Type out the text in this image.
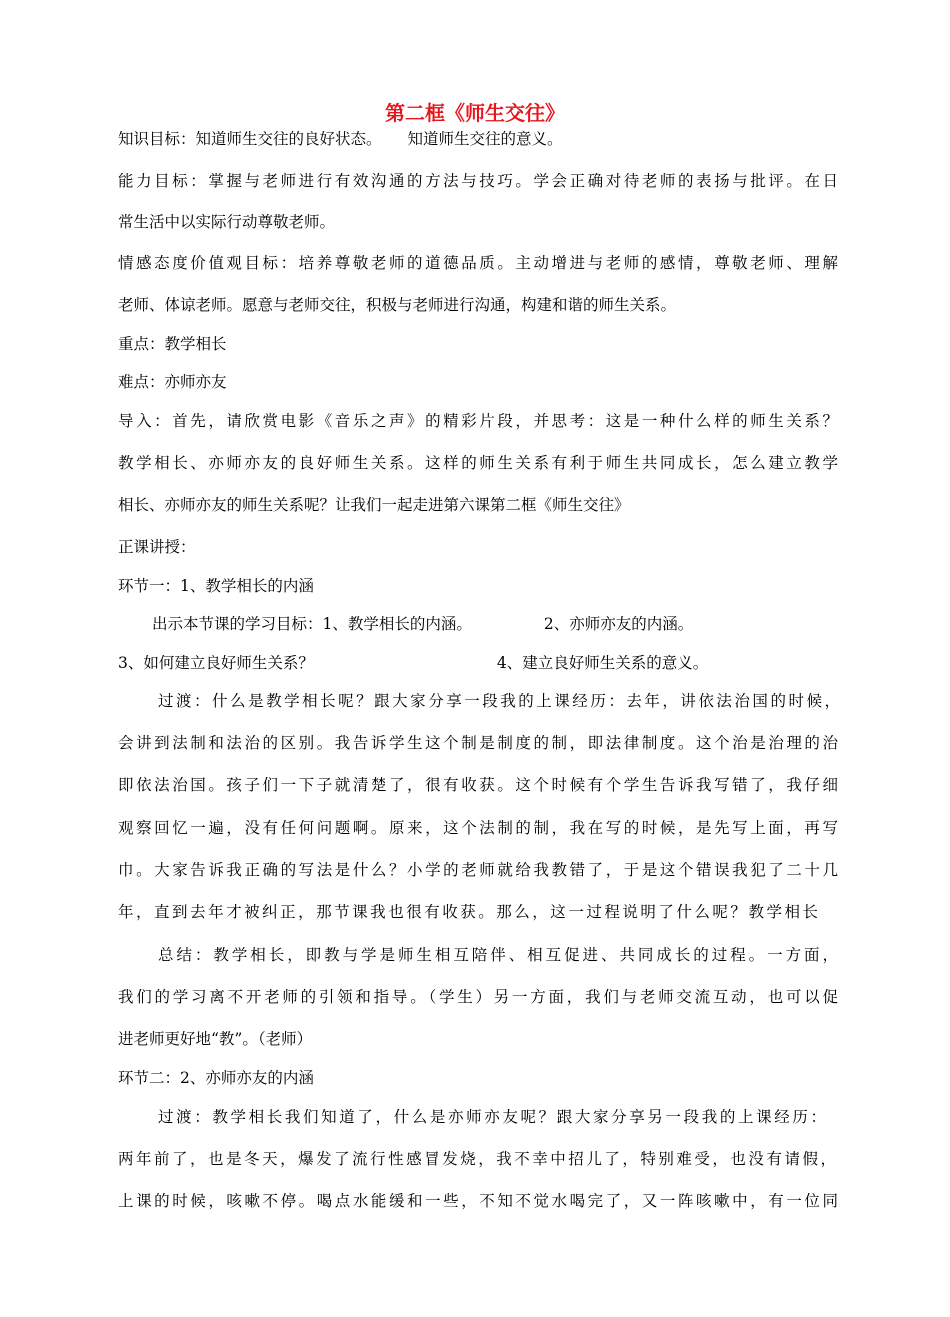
第二框《师生交往》
知识目标：知道师生交往的良好状态。 知道师生交往的意义。
能力目标：掌握与老师进行有效沟通的方法与技巧。学会正确对待老师的表扬与批评。在日
常生活中以实际行动尊敬老师。
情感态度价值观目标：培养尊敬老师的道德品质。主动增进与老师的感情，尊敬老师、理解
老师、体谅老师。愿意与老师交往，积极与老师进行沟通，构建和谐的师生关系。
重点：教学相长
难点：亦师亦友
导入：首先，请欣赏电影《音乐之声》的精彩片段，并思考：这是一种什么样的师生关系？
教学相长、亦师亦友的良好师生关系。这样的师生关系有利于师生共同成长，怎么建立教学
相长、亦师亦友的师生关系呢？让我们一起走进第六课第二框《师生交往》
正课讲授：
环节一：1、教学相长的内涵
出示本节课的学习目标：1、教学相长的内涵。	2、亦师亦友的内涵。
3、如何建立良好师生关系？	4、建立良好师生关系的意义。
过渡：什么是教学相长呢？跟大家分享一段我的上课经历：去年，讲依法治国的时候，
会讲到法制和法治的区别。我告诉学生这个制是制度的制，即法律制度。这个治是治理的治
即依法治国。孩子们一下子就清楚了，很有收获。这个时候有个学生告诉我写错了，我仔细
观察回忆一遍，没有任何问题啊。原来，这个法制的制，我在写的时候，是先写上面，再写
巾。大家告诉我正确的写法是什么？小学的老师就给我教错了，于是这个错误我犯了二十几
年，直到去年才被纠正，那节课我也很有收获。那么，这一过程说明了什么呢？教学相长
总结：教学相长，即教与学是师生相互陪伴、相互促进、共同成长的过程。一方面，
我们的学习离不开老师的引领和指导。（学生）另一方面，我们与老师交流互动，也可以促
进老师更好地“教”。（老师）
环节二：2、亦师亦友的内涵
过渡：教学相长我们知道了，什么是亦师亦友呢？跟大家分享另一段我的上课经历：
两年前了，也是冬天，爆发了流行性感冒发烧，我不幸中招儿了，特别难受，也没有请假，
上课的时候，咳嗽不停。喝点水能缓和一些，不知不觉水喝完了，又一阵咳嗽中，有一位同
